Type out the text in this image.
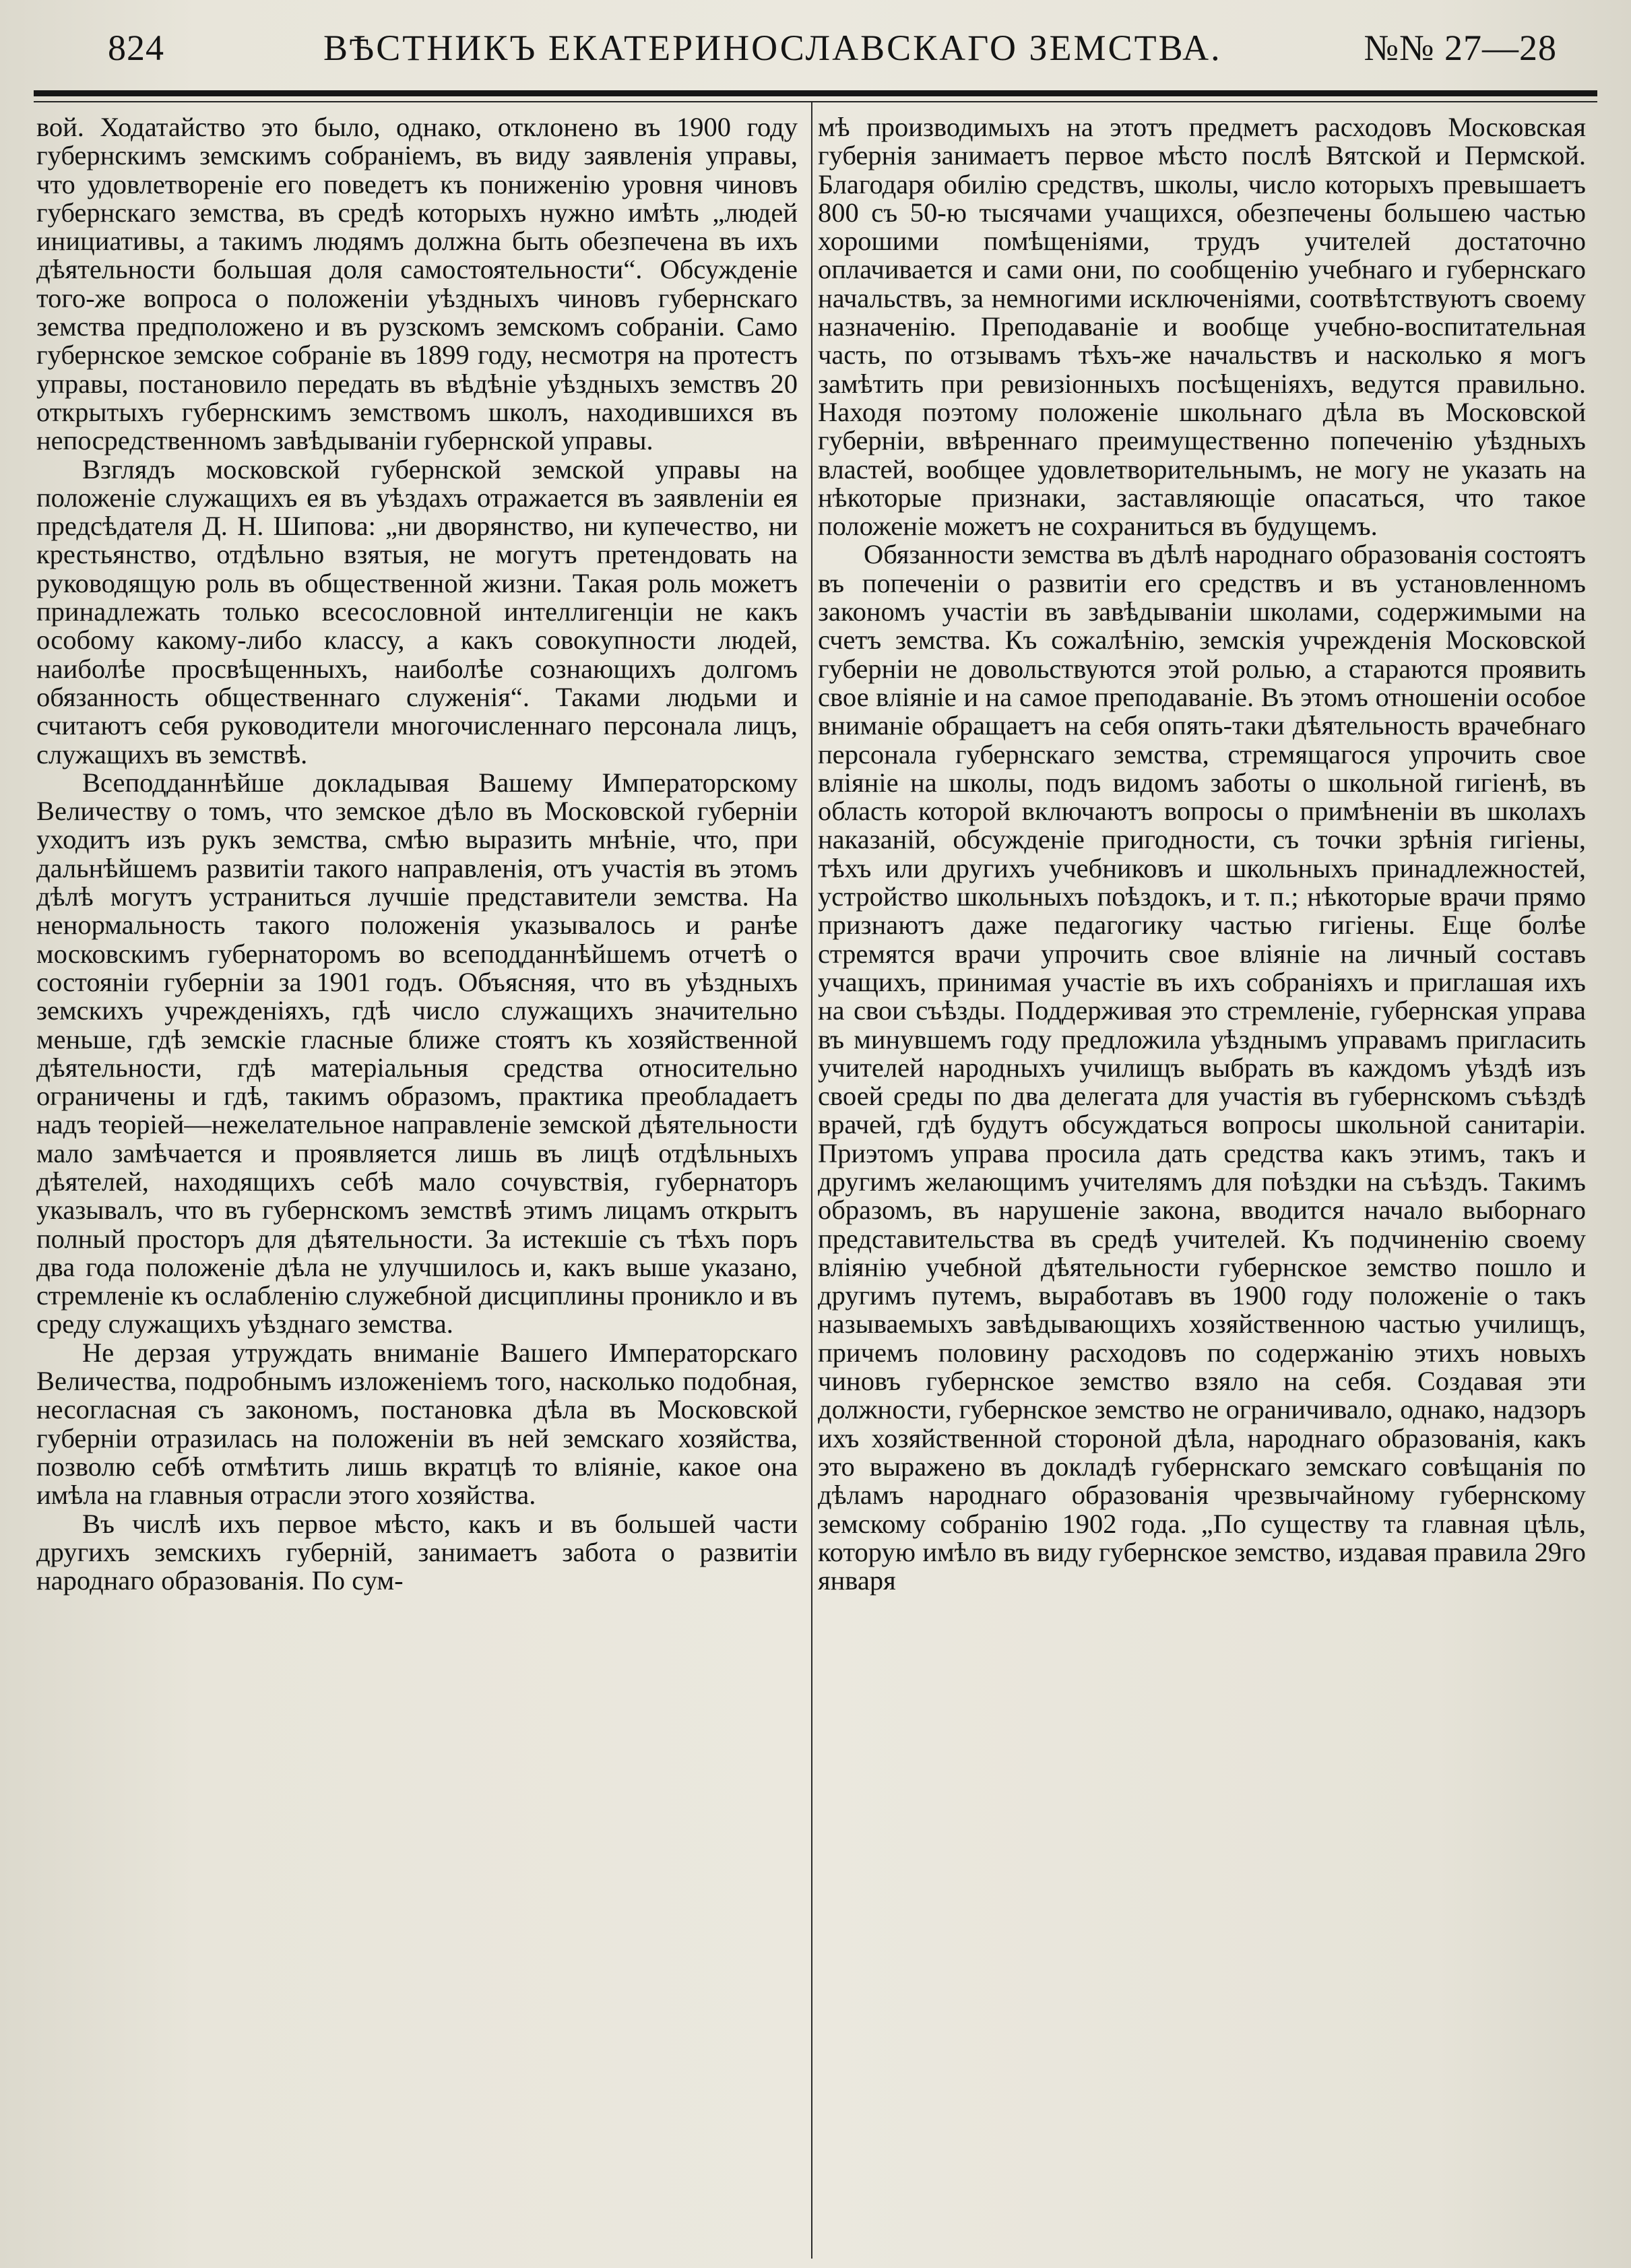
824	ВѢСТНИКЪ ЕКАТЕРИНОСЛАВСКАГО ЗЕМСТВА.	№№ 27—28

вой. Ходатайство это было, однако, отклонено въ 1900 году губернскимъ земскимъ собраніемъ, въ виду заявленія управы, что удовлетвореніе его поведетъ къ пониженію уровня чиновъ губернскаго земства, въ средѣ которыхъ нужно имѣть „людей инициативы, а такимъ людямъ должна быть обезпечена въ ихъ дѣятельности большая доля самостоятельности“. Обсужденіе того-же вопроса о положеніи уѣздныхъ чиновъ губернскаго земства предположено и въ рузскомъ земскомъ собраніи. Само губернское земское собраніе въ 1899 году, несмотря на протестъ управы, постановило передать въ вѣдѣніе уѣздныхъ земствъ 20 открытыхъ губернскимъ земствомъ школъ, находившихся въ непосредственномъ завѣдываніи губернской управы.

Взглядъ московской губернской земской управы на положеніе служащихъ ея въ уѣздахъ отражается въ заявленіи ея предсѣдателя Д. Н. Шипова: „ни дворянство, ни купечество, ни крестьянство, отдѣльно взятыя, не могутъ претендовать на руководящую роль въ общественной жизни. Такая роль можетъ принадлежать только всесословной интеллигенціи не какъ особому какому-либо классу, а какъ совокупности людей, наиболѣе просвѣщенныхъ, наиболѣе сознающихъ долгомъ обязанность общественнаго служенія“. Таками людьми и считаютъ себя руководители многочисленнаго персонала лицъ, служащихъ въ земствѣ.

Всеподданнѣйше докладывая Вашему Императорскому Величеству о томъ, что земское дѣло въ Московской губерніи уходитъ изъ рукъ земства, смѣю выразить мнѣніе, что, при дальнѣйшемъ развитіи такого направленія, отъ участія въ этомъ дѣлѣ могутъ устраниться лучшіе представители земства. На ненормальность такого положенія указывалось и ранѣе московскимъ губернаторомъ во всеподданнѣйшемъ отчетѣ о состояніи губерніи за 1901 годъ. Объясняя, что въ уѣздныхъ земскихъ учрежденіяхъ, гдѣ число служащихъ значительно меньше, гдѣ земскіе гласные ближе стоятъ къ хозяйственной дѣятельности, гдѣ матеріальныя средства относительно ограничены и гдѣ, такимъ образомъ, практика преобладаетъ надъ теоріей—нежелательное направленіе земской дѣятельности мало замѣчается и проявляется лишь въ лицѣ отдѣльныхъ дѣятелей, находящихъ себѣ мало сочувствія, губернаторъ указывалъ, что въ губернскомъ земствѣ этимъ лицамъ открытъ полный просторъ для дѣятельности. За истекшіе съ тѣхъ поръ два года положеніе дѣла не улучшилось и, какъ выше указано, стремленіе къ ослабленію служебной дисциплины проникло и въ среду служащихъ уѣзднаго земства.

Не дерзая утруждать вниманіе Вашего Императорскаго Величества, подробнымъ изложеніемъ того, насколько подобная, несогласная съ закономъ, постановка дѣла въ Московской губерніи отразилась на положеніи въ ней земскаго хозяйства, позволю себѣ отмѣтить лишь вкратцѣ то вліяніе, какое она имѣла на главныя отрасли этого хозяйства.

Въ числѣ ихъ первое мѣсто, какъ и въ большей части другихъ земскихъ губерній, занимаетъ забота о развитіи народнаго образованія. По сум-

мѣ производимыхъ на этотъ предметъ расходовъ Московская губернія занимаетъ первое мѣсто послѣ Вятской и Пермской. Благодаря обилію средствъ, школы, число которыхъ превышаетъ 800 съ 50-ю тысячами учащихся, обезпечены большею частью хорошими помѣщеніями, трудъ учителей достаточно оплачивается и сами они, по сообщенію учебнаго и губернскаго начальствъ, за немногими исключеніями, соотвѣтствуютъ своему назначенію. Преподаваніе и вообще учебно-воспитательная часть, по отзывамъ тѣхъ-же начальствъ и насколько я могъ замѣтить при ревизіонныхъ посѣщеніяхъ, ведутся правильно. Находя поэтому положеніе школьнаго дѣла въ Московской губерніи, ввѣреннаго преимущественно попеченію уѣздныхъ властей, вообщее удовлетворительнымъ, не могу не указать на нѣкоторые признаки, заставляющіе опасаться, что такое положеніе можетъ не сохраниться въ будущемъ.

Обязанности земства въ дѣлѣ народнаго образованія состоятъ въ попеченіи о развитіи его средствъ и въ установленномъ закономъ участіи въ завѣдываніи школами, содержимыми на счетъ земства. Къ сожалѣнію, земскія учрежденія Московской губерніи не довольствуются этой ролью, а стараются проявить свое вліяніе и на самое преподаваніе. Въ этомъ отношеніи особое вниманіе обращаетъ на себя опять-таки дѣятельность врачебнаго персонала губернскаго земства, стремящагося упрочить свое вліяніе на школы, подъ видомъ заботы о школьной гигіенѣ, въ область которой включаютъ вопросы о примѣненіи въ школахъ наказаній, обсужденіе пригодности, съ точки зрѣнія гигіены, тѣхъ или другихъ учебниковъ и школьныхъ принадлежностей, устройство школьныхъ поѣздокъ, и т. п.; нѣкоторые врачи прямо признаютъ даже педагогику частью гигіены. Еще болѣе стремятся врачи упрочить свое вліяніе на личный составъ учащихъ, принимая участіе въ ихъ собраніяхъ и приглашая ихъ на свои съѣзды. Поддерживая это стремленіе, губернская управа въ минувшемъ году предложила уѣзднымъ управамъ пригласить учителей народныхъ училищъ выбрать въ каждомъ уѣздѣ изъ своей среды по два делегата для участія въ губернскомъ съѣздѣ врачей, гдѣ будутъ обсуждаться вопросы школьной санитаріи. Приэтомъ управа просила дать средства какъ этимъ, такъ и другимъ желающимъ учителямъ для поѣздки на съѣздъ. Такимъ образомъ, въ нарушеніе закона, вводится начало выборнаго представительства въ средѣ учителей. Къ подчиненію своему вліянію учебной дѣятельности губернское земство пошло и другимъ путемъ, выработавъ въ 1900 году положеніе о такъ называемыхъ завѣдывающихъ хозяйственною частью училищъ, причемъ половину расходовъ по содержанію этихъ новыхъ чиновъ губернское земство взяло на себя. Создавая эти должности, губернское земство не ограничивало, однако, надзоръ ихъ хозяйственной стороной дѣла, народнаго образованія, какъ это выражено въ докладѣ губернскаго земскаго совѣщанія по дѣламъ народнаго образованія чрезвычайному губернскому земскому собранію 1902 года. „По существу та главная цѣль, которую имѣло въ виду губернское земство, издавая правила 29го января
